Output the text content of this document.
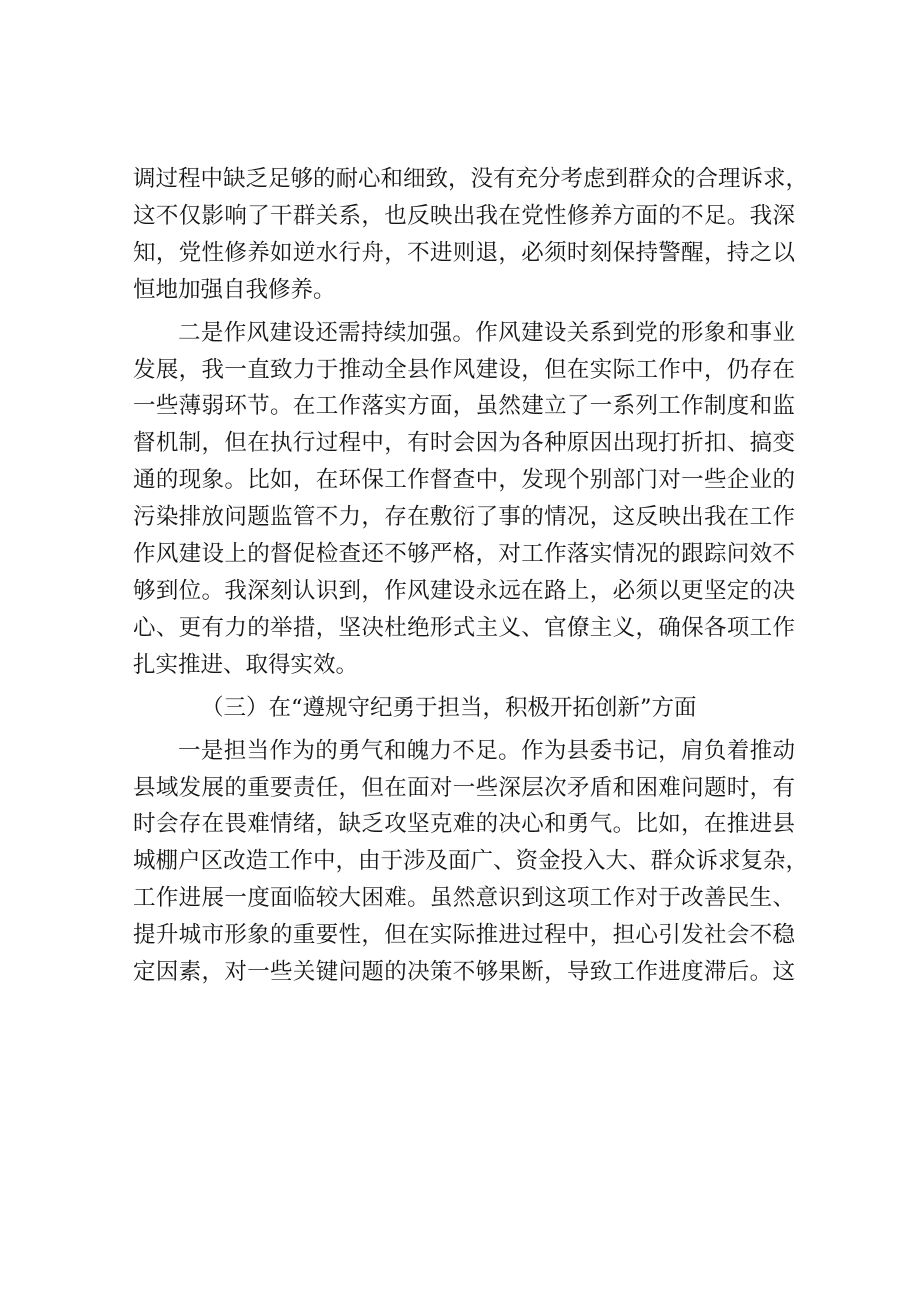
调过程中缺乏足够的耐心和细致，没有充分考虑到群众的合理诉求，
这不仅影响了干群关系，也反映出我在党性修养方面的不足。我深
知，党性修养如逆水行舟，不进则退，必须时刻保持警醒，持之以
恒地加强自我修养。
二是作风建设还需持续加强。作风建设关系到党的形象和事业
发展，我一直致力于推动全县作风建设，但在实际工作中，仍存在
一些薄弱环节。在工作落实方面，虽然建立了一系列工作制度和监
督机制，但在执行过程中，有时会因为各种原因出现打折扣、搞变
通的现象。比如，在环保工作督查中，发现个别部门对一些企业的
污染排放问题监管不力，存在敷衍了事的情况，这反映出我在工作
作风建设上的督促检查还不够严格，对工作落实情况的跟踪问效不
够到位。我深刻认识到，作风建设永远在路上，必须以更坚定的决
心、更有力的举措，坚决杜绝形式主义、官僚主义，确保各项工作
扎实推进、取得实效。
（三）在“遵规守纪勇于担当，积极开拓创新”方面
一是担当作为的勇气和魄力不足。作为县委书记，肩负着推动
县域发展的重要责任，但在面对一些深层次矛盾和困难问题时，有
时会存在畏难情绪，缺乏攻坚克难的决心和勇气。比如，在推进县
城棚户区改造工作中，由于涉及面广、资金投入大、群众诉求复杂，
工作进展一度面临较大困难。虽然意识到这项工作对于改善民生、
提升城市形象的重要性，但在实际推进过程中，担心引发社会不稳
定因素，对一些关键问题的决策不够果断，导致工作进度滞后。这
